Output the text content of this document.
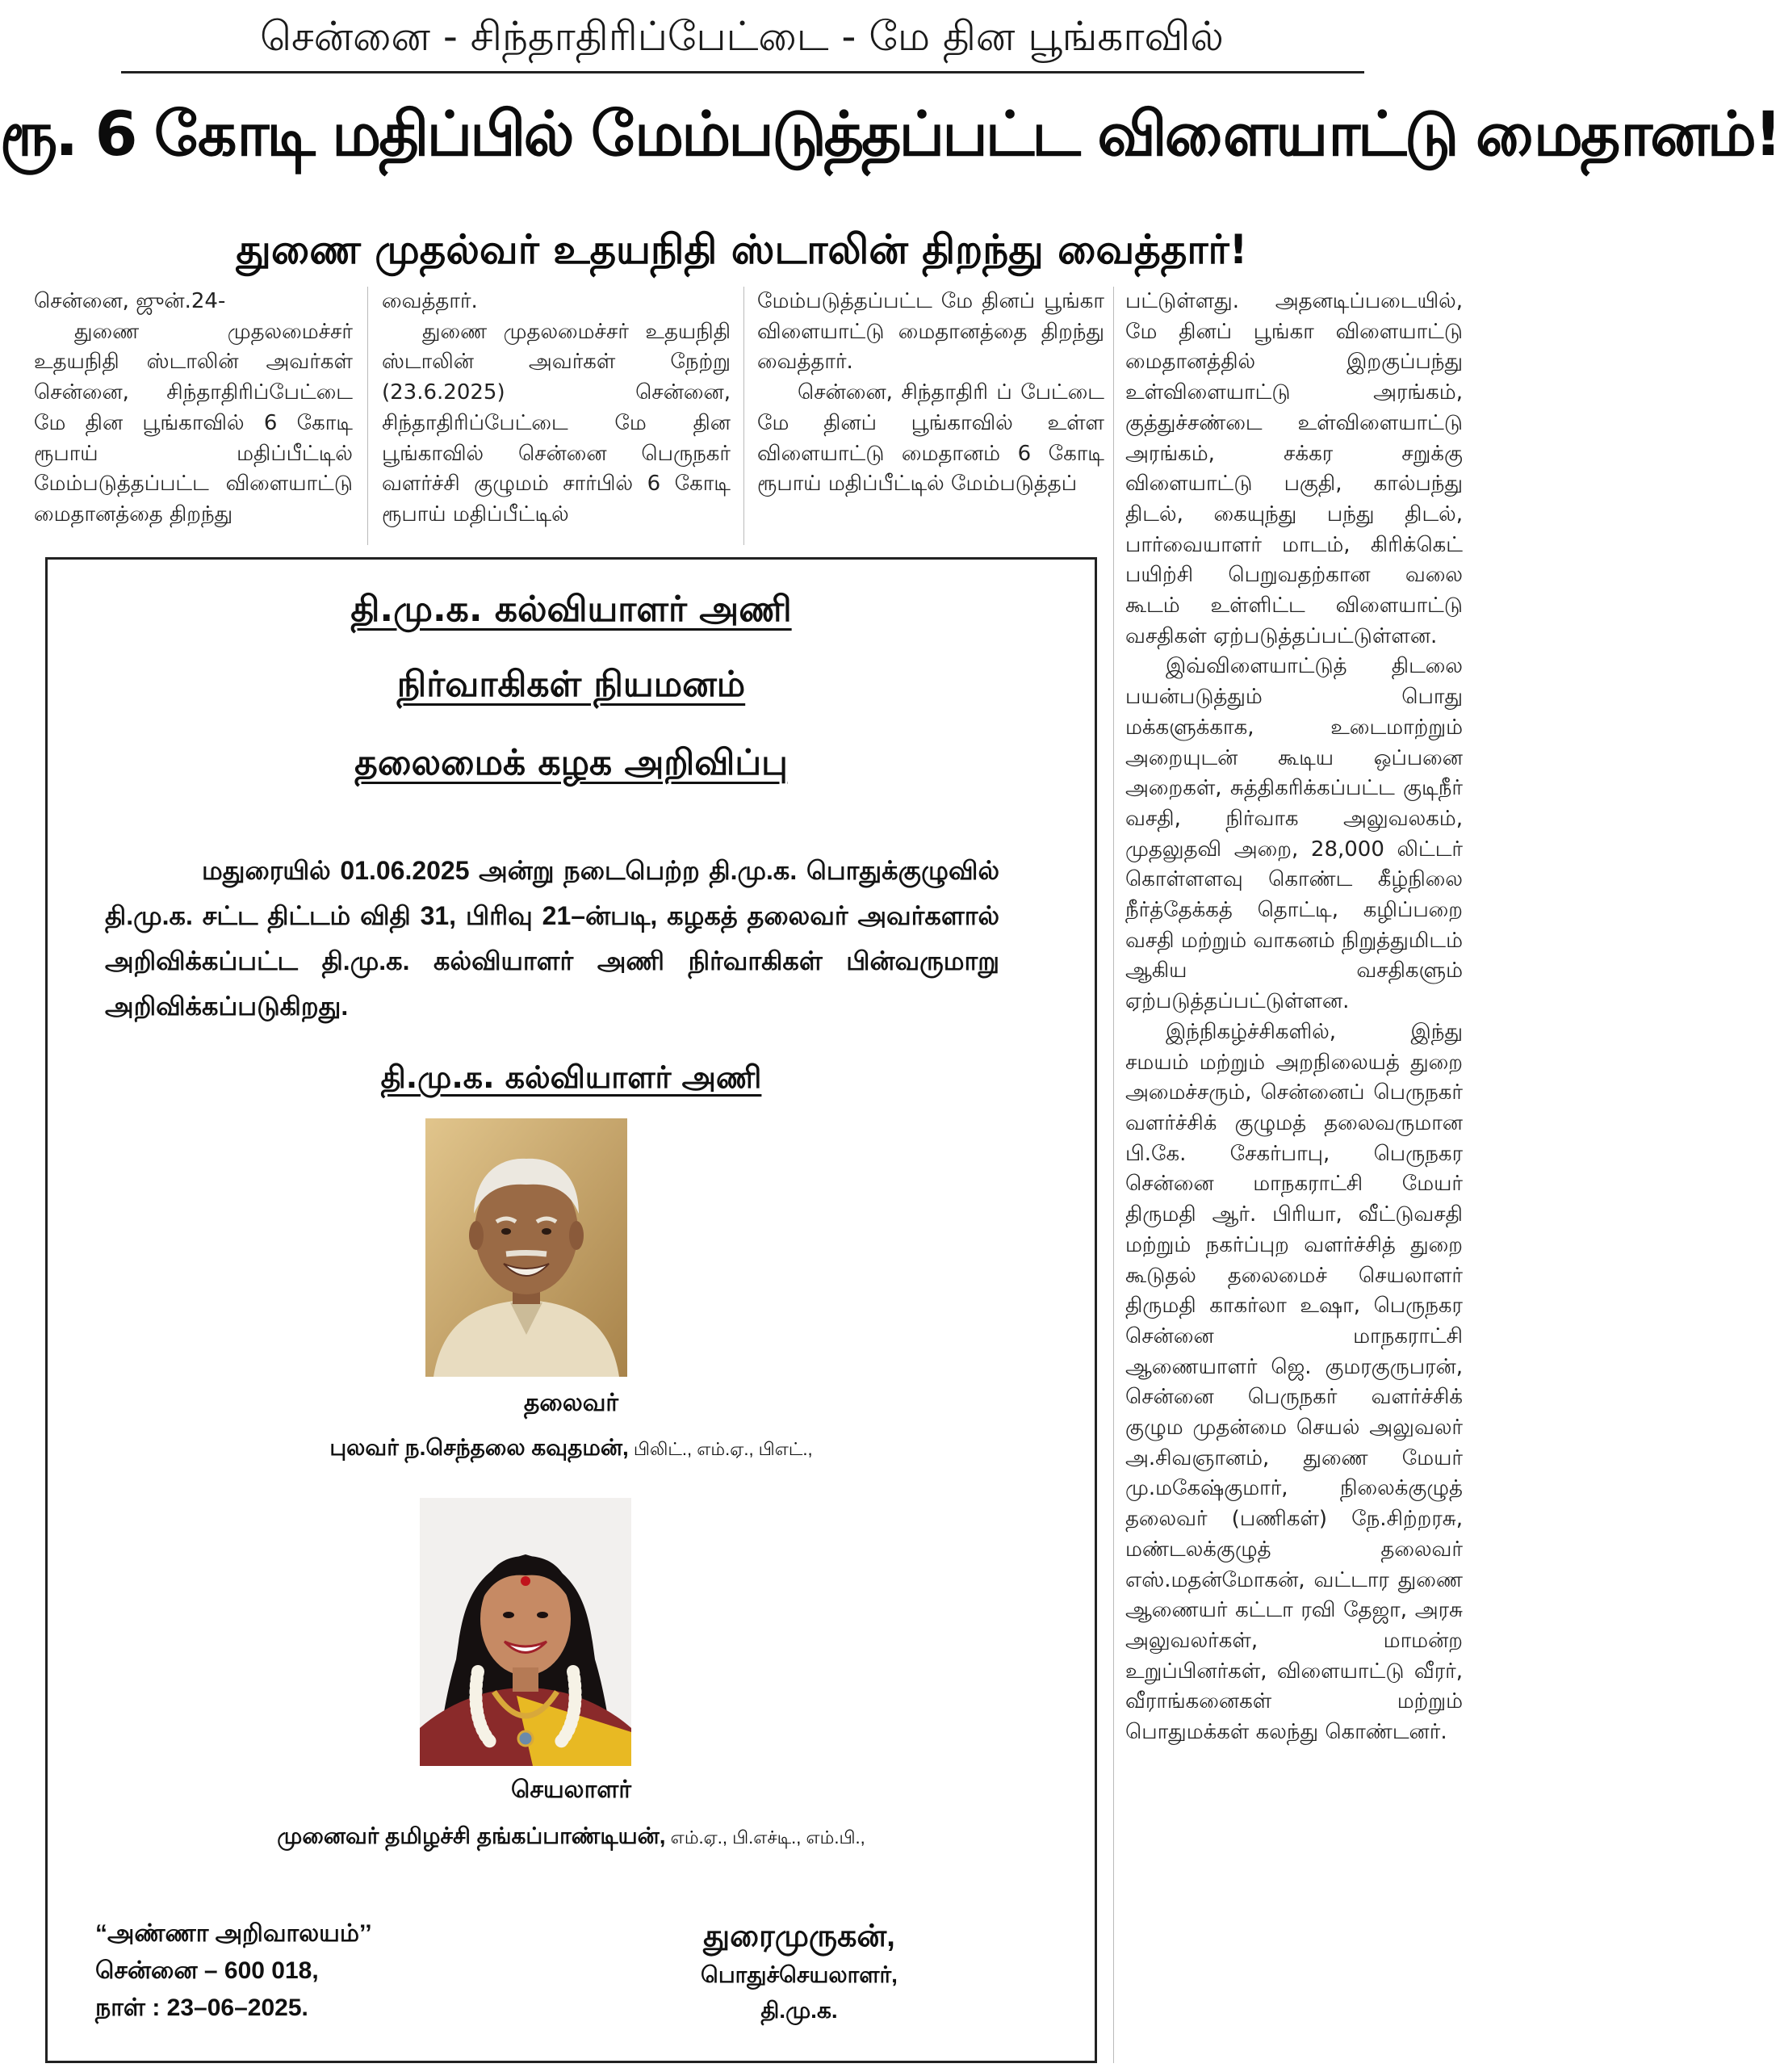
சென்னை - சிந்தாதிரிப்பேட்டை - மே தின பூங்காவில்
ரூ. 6 கோடி மதிப்பில் மேம்படுத்தப்பட்ட விளையாட்டு மைதானம்!
துணை முதல்வர் உதயநிதி ஸ்டாலின் திறந்து வைத்தார்!

சென்னை, ஜுன்.24-

துணை முதலமைச்சர் உதயநிதி ஸ்டாலின் அவர்கள் சென்னை, சிந்தாதிரிப்பேட்டை மே தின பூங்காவில் 6 கோடி ரூபாய் மதிப்பீட்டில் மேம்படுத்தப்பட்ட விளையாட்டு மைதானத்தை திறந்து

வைத்தார்.

துணை முதலமைச்சர் உதயநிதி ஸ்டாலின் அவர்கள் நேற்று (23.6.2025) சென்னை, சிந்தாதிரிப்பேட்டை மே தின பூங்காவில் சென்னை பெருநகர் வளர்ச்சி குழுமம் சார்பில் 6 கோடி ரூபாய் மதிப்பீட்டில்

மேம்படுத்தப்பட்ட மே தினப் பூங்கா விளையாட்டு மைதானத்தை திறந்து வைத்தார்.

சென்னை, சிந்தாதிரி ப் பேட்டை மே தினப் பூங்காவில் உள்ள விளையாட்டு மைதானம் 6 கோடி ரூபாய் மதிப்பீட்டில் மேம்படுத்தப்

பட்டுள்ளது. அதனடிப்படையில், மே தினப் பூங்கா விளையாட்டு மைதானத்தில் இறகுப்பந்து உள்விளையாட்டு அரங்கம், குத்துச்சண்டை உள்விளையாட்டு அரங்கம், சக்கர சறுக்கு விளையாட்டு பகுதி, கால்பந்து திடல், கையுந்து பந்து திடல், பார்வையாளர் மாடம், கிரிக்கெட் பயிற்சி பெறுவதற்கான வலை கூடம் உள்ளிட்ட விளையாட்டு வசதிகள் ஏற்படுத்தப்பட்டுள்ளன.

இவ்விளையாட்டுத் திடலை பயன்படுத்தும் பொது மக்களுக்காக, உடைமாற்றும் அறையுடன் கூடிய ஒப்பனை அறைகள், சுத்திகரிக்கப்பட்ட குடிநீர் வசதி, நிர்வாக அலுவலகம், முதலுதவி அறை, 28,000 லிட்டர் கொள்ளளவு கொண்ட கீழ்நிலை நீர்த்தேக்கத் தொட்டி, கழிப்பறை வசதி மற்றும் வாகனம் நிறுத்துமிடம் ஆகிய வசதிகளும் ஏற்படுத்தப்பட்டுள்ளன.

இந்நிகழ்ச்சிகளில், இந்து சமயம் மற்றும் அறநிலையத் துறை அமைச்சரும், சென்னைப் பெருநகர் வளர்ச்சிக் குழுமத் தலைவருமான பி.கே. சேகர்பாபு, பெருநகர சென்னை மாநகராட்சி மேயர் திருமதி ஆர். பிரியா, வீட்டுவசதி மற்றும் நகர்ப்புற வளர்ச்சித் துறை கூடுதல் தலைமைச் செயலாளர் திருமதி காகர்லா உஷா, பெருநகர சென்னை மாநகராட்சி ஆணையாளர் ஜெ. குமரகுருபரன், சென்னை பெருநகர் வளர்ச்சிக் குழும முதன்மை செயல் அலுவலர் அ.சிவஞானம், துணை மேயர் மு.மகேஷ்குமார், நிலைக்குழுத் தலைவர் (பணிகள்) நே.சிற்றரசு, மண்டலக்குழுத் தலைவர் எஸ்.மதன்மோகன், வட்டார துணை ஆணையர் கட்டா ரவி தேஜா, அரசு அலுவலர்கள், மாமன்ற உறுப்பினர்கள், விளையாட்டு வீரர், வீராங்கனைகள் மற்றும் பொதுமக்கள் கலந்து கொண்டனர்.

தி.மு.க. கல்வியாளர் அணி
நிர்வாகிகள் நியமனம்
தலைமைக் கழக அறிவிப்பு
மதுரையில் 01.06.2025 அன்று நடைபெற்ற தி.மு.க. பொதுக்குழுவில் தி.மு.க. சட்ட திட்டம் விதி 31, பிரிவு 21–ன்படி, கழகத் தலைவர் அவர்களால் அறிவிக்கப்பட்ட தி.மு.க. கல்வியாளர் அணி நிர்வாகிகள் பின்வருமாறு அறிவிக்கப்படுகிறது.
தி.மு.க. கல்வியாளர் அணி
தலைவர்
புலவர் ந.செந்தலை கவுதமன், பிலிட்., எம்.ஏ., பிஎட்.,
செயலாளர்
முனைவர் தமிழச்சி தங்கப்பாண்டியன், எம்.ஏ., பி.எச்டி., எம்.பி.,
“அண்ணா அறிவாலயம்’’
சென்னை – 600 018,
நாள் : 23–06–2025.
துரைமுருகன்,
பொதுச்செயலாளர்,
தி.மு.க.
